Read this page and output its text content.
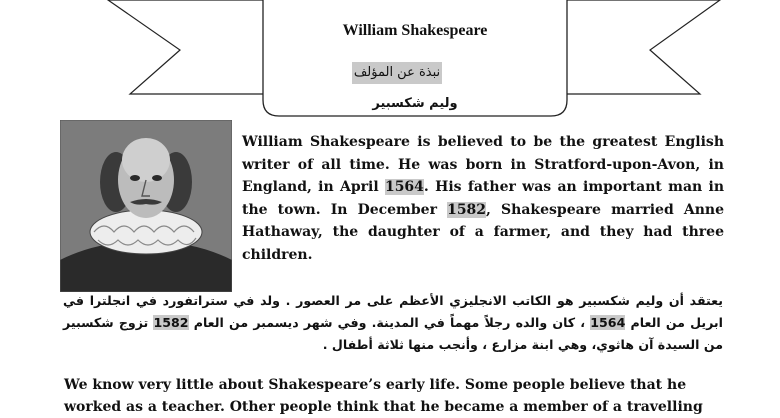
William Shakespeare
نبذة عن المؤلف
وليم شكسبير

William Shakespeare is believed to be the greatest English writer of all time. He was born in Stratford-upon-Avon, in England, in April 1564. His father was an important man in the town. In December 1582, Shakespeare married Anne Hathaway, the daughter of a farmer, and they had three children.

يعتقد أن وليم شكسبير هو الكاتب الانجليزي الأعظم على مر العصور . ولد في ستراتفورد في انجلترا في ابريل من العام 1564 ، كان والده رجلاً مهماً في المدينة. وفي شهر ديسمبر من العام 1582 تزوج شكسبير من السيدة آن هاثوي، وهي ابنة مزارع ، وأنجب منها ثلاثة أطفال .

We know very little about Shakespeare’s early life. Some people believe that he worked as a teacher. Other people think that he became a member of a travelling
